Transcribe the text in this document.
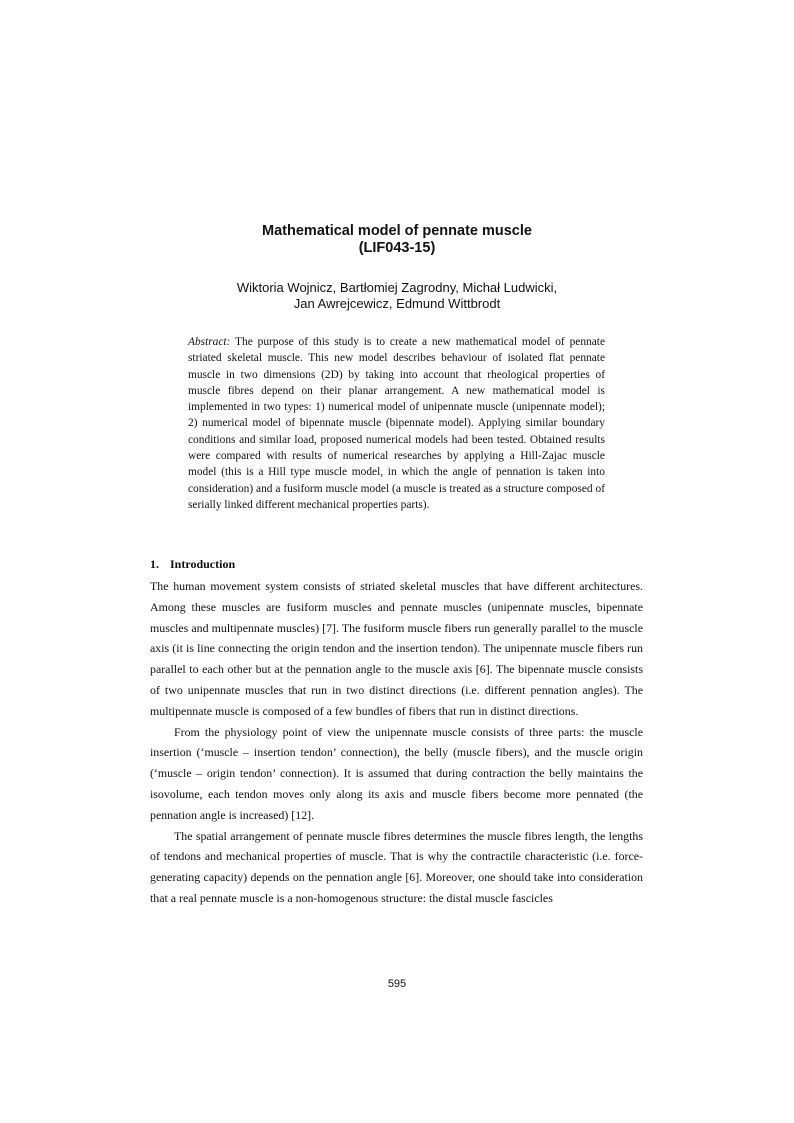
Mathematical model of pennate muscle
(LIF043-15)
Wiktoria Wojnicz, Bartłomiej Zagrodny, Michał Ludwicki,
Jan Awrejcewicz, Edmund Wittbrodt
Abstract: The purpose of this study is to create a new mathematical model of pennate striated skeletal muscle. This new model describes behaviour of isolated flat pennate muscle in two dimensions (2D) by taking into account that rheological properties of muscle fibres depend on their planar arrangement. A new mathematical model is implemented in two types: 1) numerical model of unipennate muscle (unipennate model); 2) numerical model of bipennate muscle (bipennate model). Applying similar boundary conditions and similar load, proposed numerical models had been tested. Obtained results were compared with results of numerical researches by applying a Hill-Zajac muscle model (this is a Hill type muscle model, in which the angle of pennation is taken into consideration) and a fusiform muscle model (a muscle is treated as a structure composed of serially linked different mechanical properties parts).
1. Introduction

The human movement system consists of striated skeletal muscles that have different architectures. Among these muscles are fusiform muscles and pennate muscles (unipennate muscles, bipennate muscles and multipennate muscles) [7]. The fusiform muscle fibers run generally parallel to the muscle axis (it is line connecting the origin tendon and the insertion tendon). The unipennate muscle fibers run parallel to each other but at the pennation angle to the muscle axis [6]. The bipennate muscle consists of two unipennate muscles that run in two distinct directions (i.e. different pennation angles). The multipennate muscle is composed of a few bundles of fibers that run in distinct directions.

From the physiology point of view the unipennate muscle consists of three parts: the muscle insertion (‘muscle – insertion tendon’ connection), the belly (muscle fibers), and the muscle origin (‘muscle – origin tendon’ connection). It is assumed that during contraction the belly maintains the isovolume, each tendon moves only along its axis and muscle fibers become more pennated (the pennation angle is increased) [12].

The spatial arrangement of pennate muscle fibres determines the muscle fibres length, the lengths of tendons and mechanical properties of muscle. That is why the contractile characteristic (i.e. force-generating capacity) depends on the pennation angle [6]. Moreover, one should take into consideration that a real pennate muscle is a non-homogenous structure: the distal muscle fascicles

595
